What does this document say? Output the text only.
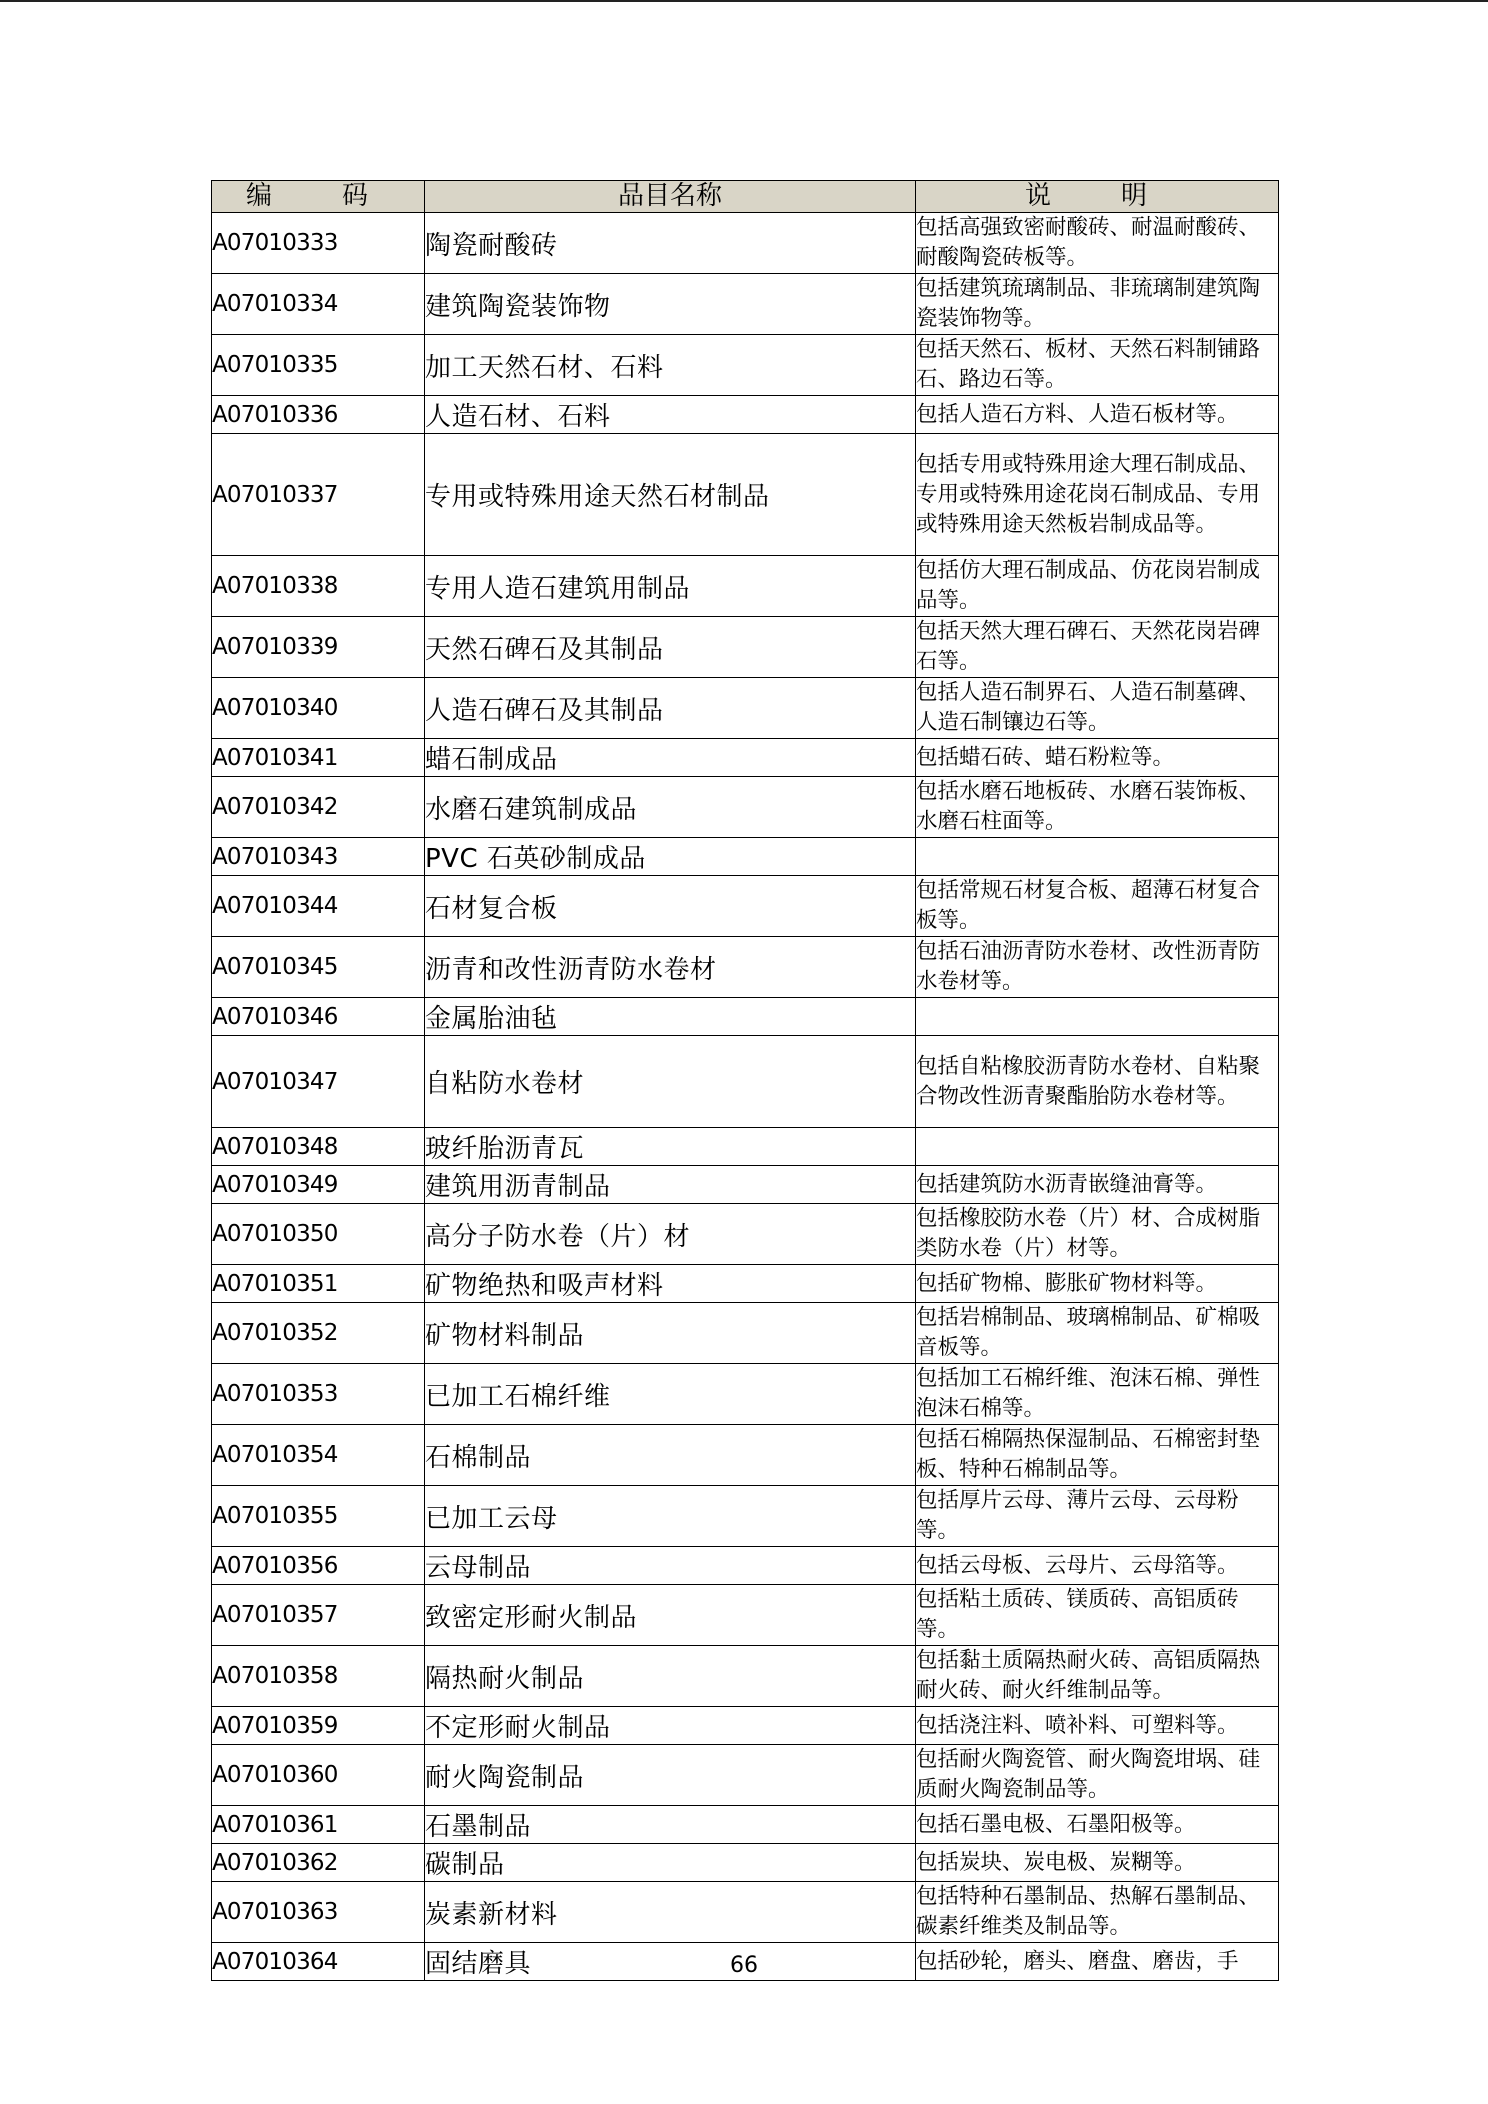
编　码	品目名称	说　明
A07010333	陶瓷耐酸砖	包括高强致密耐酸砖、耐温耐酸砖、耐酸陶瓷砖板等。
A07010334	建筑陶瓷装饰物	包括建筑琉璃制品、非琉璃制建筑陶瓷装饰物等。
A07010335	加工天然石材、石料	包括天然石、板材、天然石料制铺路石、路边石等。
A07010336	人造石材、石料	包括人造石方料、人造石板材等。
A07010337	专用或特殊用途天然石材制品	包括专用或特殊用途大理石制成品、专用或特殊用途花岗石制成品、专用或特殊用途天然板岩制成品等。
A07010338	专用人造石建筑用制品	包括仿大理石制成品、仿花岗岩制成品等。
A07010339	天然石碑石及其制品	包括天然大理石碑石、天然花岗岩碑石等。
A07010340	人造石碑石及其制品	包括人造石制界石、人造石制墓碑、人造石制镶边石等。
A07010341	蜡石制成品	包括蜡石砖、蜡石粉粒等。
A07010342	水磨石建筑制成品	包括水磨石地板砖、水磨石装饰板、水磨石柱面等。
A07010343	PVC 石英砂制成品	
A07010344	石材复合板	包括常规石材复合板、超薄石材复合板等。
A07010345	沥青和改性沥青防水卷材	包括石油沥青防水卷材、改性沥青防水卷材等。
A07010346	金属胎油毡	
A07010347	自粘防水卷材	包括自粘橡胶沥青防水卷材、自粘聚合物改性沥青聚酯胎防水卷材等。
A07010348	玻纤胎沥青瓦	
A07010349	建筑用沥青制品	包括建筑防水沥青嵌缝油膏等。
A07010350	高分子防水卷（片）材	包括橡胶防水卷（片）材、合成树脂类防水卷（片）材等。
A07010351	矿物绝热和吸声材料	包括矿物棉、膨胀矿物材料等。
A07010352	矿物材料制品	包括岩棉制品、玻璃棉制品、矿棉吸音板等。
A07010353	已加工石棉纤维	包括加工石棉纤维、泡沫石棉、弹性泡沫石棉等。
A07010354	石棉制品	包括石棉隔热保湿制品、石棉密封垫板、特种石棉制品等。
A07010355	已加工云母	包括厚片云母、薄片云母、云母粉等。
A07010356	云母制品	包括云母板、云母片、云母箔等。
A07010357	致密定形耐火制品	包括粘土质砖、镁质砖、高铝质砖等。
A07010358	隔热耐火制品	包括黏土质隔热耐火砖、高铝质隔热耐火砖、耐火纤维制品等。
A07010359	不定形耐火制品	包括浇注料、喷补料、可塑料等。
A07010360	耐火陶瓷制品	包括耐火陶瓷管、耐火陶瓷坩埚、硅质耐火陶瓷制品等。
A07010361	石墨制品	包括石墨电极、石墨阳极等。
A07010362	碳制品	包括炭块、炭电极、炭糊等。
A07010363	炭素新材料	包括特种石墨制品、热解石墨制品、碳素纤维类及制品等。
A07010364	固结磨具	包括砂轮，磨头、磨盘、磨齿，手
66
